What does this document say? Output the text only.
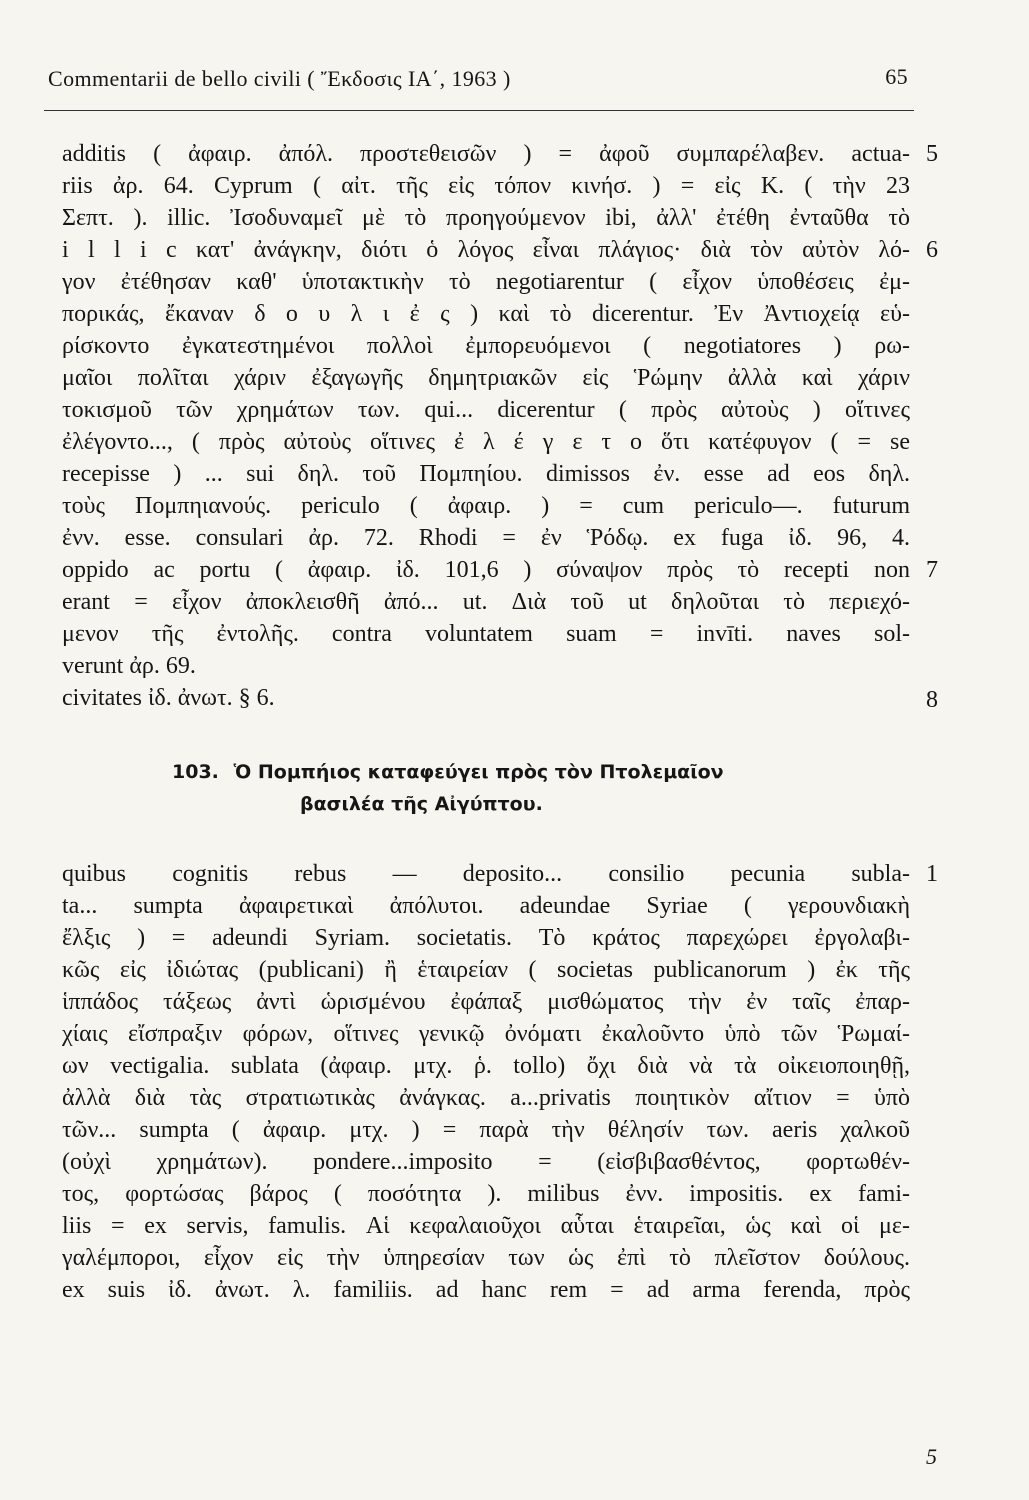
Commentarii de bello civili ( Ἔκδοσις ΙΑ΄, 1963 )	65
5
6
7
8
additis ( ἀφαιρ. ἀπόλ. προστεθεισῶν ) = ἀφοῦ συμπαρέλαβεν. actua-
riis ἀρ. 64. Cyprum ( αἰτ. τῆς εἰς τόπον κινήσ. ) = εἰς Κ. ( τὴν 23
Σεπτ. ). illic. Ἰσοδυναμεῖ μὲ τὸ προηγούμενον ibi, ἀλλ' ἐτέθη ἐνταῦθα τὸ
i l l i c κατ' ἀνάγκην, διότι ὁ λόγος εἶναι πλάγιος· διὰ τὸν αὐτὸν λό-
γον ἐτέθησαν καθ' ὑποτακτικὴν τὸ negotiarentur ( εἶχον ὑποθέσεις ἐμ-
πορικάς, ἔκαναν δ ο υ λ ι ἐ ς ) καὶ τὸ dicerentur. Ἐν Ἀντιοχείᾳ εὑ-
ρίσκοντο ἐγκατεστημένοι πολλοὶ ἐμπορευόμενοι ( negotiatores ) ρω-
μαῖοι πολῖται χάριν ἐξαγωγῆς δημητριακῶν εἰς Ῥώμην ἀλλὰ καὶ χάριν
τοκισμοῦ τῶν χρημάτων των. qui... dicerentur ( πρὸς αὐτοὺς ) οἵτινες
ἐλέγοντο..., ( πρὸς αὐτοὺς οἵτινες ἐ λ έ γ ε τ ο ὅτι κατέφυγον ( = se
recepisse ) ... sui δηλ. τοῦ Πομπηίου. dimissos ἐν. esse ad eos δηλ.
τοὺς Πομπηιανούς. periculo ( ἀφαιρ. ) = cum periculo—. futurum
ἐνν. esse. consulari ἀρ. 72. Rhodi = ἐν Ῥόδῳ. ex fuga ἰδ. 96, 4.
oppido ac portu ( ἀφαιρ. ἰδ. 101,6 ) σύναψον πρὸς τὸ recepti non
erant = εἶχον ἀποκλεισθῆ ἀπό... ut. Διὰ τοῦ ut δηλοῦται τὸ περιεχό-
μενον τῆς ἐντολῆς. contra voluntatem suam = invīti. naves sol-
verunt ἀρ. 69.
civitates ἰδ. ἀνωτ. § 6.
103. Ὁ Πομπήιος καταφεύγει πρὸς τὸν Πτολεμαῖον
βασιλέα τῆς Αἰγύπτου.
1
quibus cognitis rebus — deposito... consilio pecunia subla-
ta... sumpta ἀφαιρετικαὶ ἀπόλυτοι. adeundae Syriae ( γερουνδιακὴ
ἔλξις ) = adeundi Syriam. societatis. Τὸ κράτος παρεχώρει ἐργολαβι-
κῶς εἰς ἰδιώτας (publicani) ἢ ἑταιρείαν ( societas publicanorum ) ἐκ τῆς
ἱππάδος τάξεως ἀντὶ ὡρισμένου ἐφάπαξ μισθώματος τὴν ἐν ταῖς ἐπαρ-
χίαις εἴσπραξιν φόρων, οἵτινες γενικῷ ὀνόματι ἐκαλοῦντο ὑπὸ τῶν Ῥωμαί-
ων vectigalia. sublata (ἀφαιρ. μτχ. ῥ. tollo) ὄχι διὰ νὰ τὰ οἰκειοποιηθῇ,
ἀλλὰ διὰ τὰς στρατιωτικὰς ἀνάγκας. a...privatis ποιητικὸν αἴτιον = ὑπὸ
τῶν... sumpta ( ἀφαιρ. μτχ. ) = παρὰ τὴν θέλησίν των. aeris χαλκοῦ
(οὐχὶ χρημάτων). pondere...imposito = (εἰσβιβασθέντος, φορτωθέν-
τος, φορτώσας βάρος ( ποσότητα ). milibus ἐνν. impositis. ex fami-
liis = ex servis, famulis. Αἱ κεφαλαιοῦχοι αὗται ἑταιρεῖαι, ὡς καὶ οἱ με-
γαλέμποροι, εἶχον εἰς τὴν ὑπηρεσίαν των ὡς ἐπὶ τὸ πλεῖστον δούλους.
ex suis ἰδ. ἀνωτ. λ. familiis. ad hanc rem = ad arma ferenda, πρὸς
5
